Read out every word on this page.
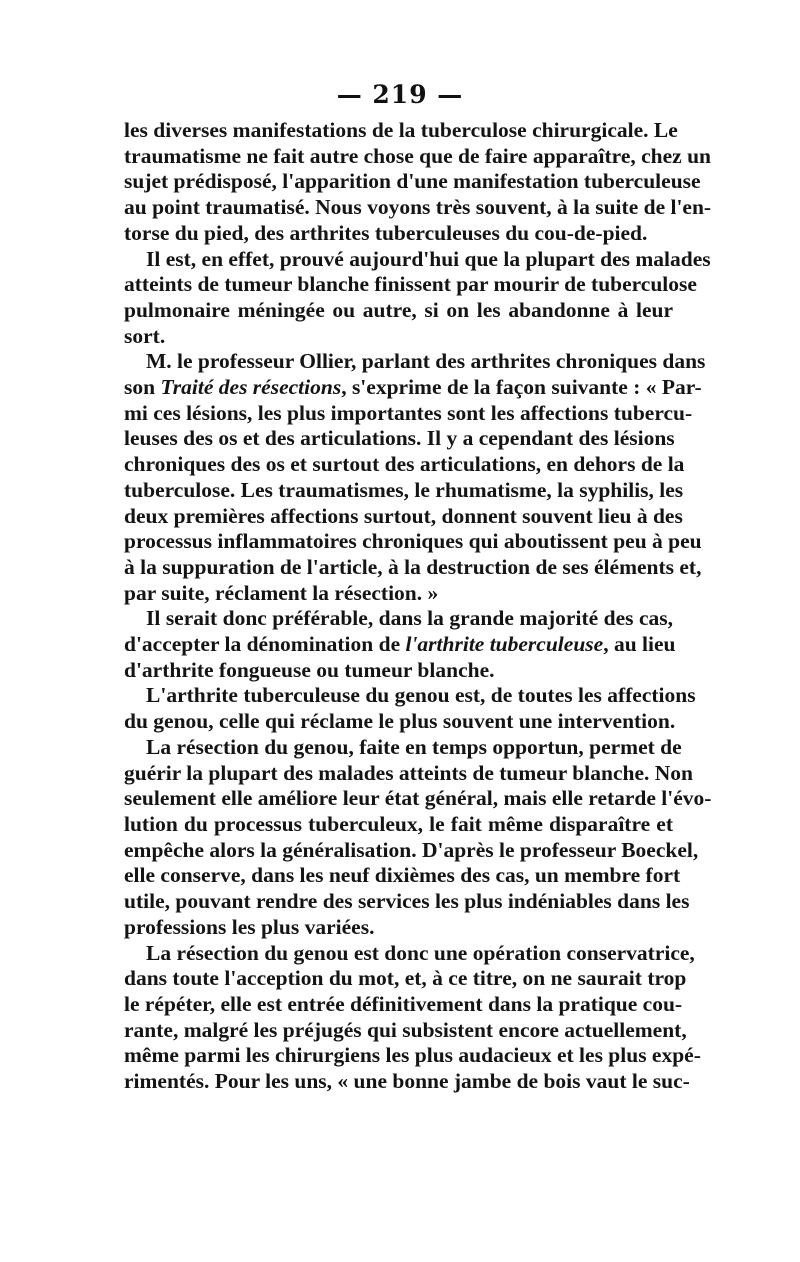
— 219 —
les diverses manifestations de la tuberculose chirurgicale. Le
traumatisme ne fait autre chose que de faire apparaître, chez un
sujet prédisposé, l'apparition d'une manifestation tuberculeuse
au point traumatisé. Nous voyons très souvent, à la suite de l'en-
torse du pied, des arthrites tuberculeuses du cou-de-pied.
Il est, en effet, prouvé aujourd'hui que la plupart des malades
atteints de tumeur blanche finissent par mourir de tuberculose
pulmonaire méningée ou autre, si on les abandonne à leur
sort.
M. le professeur Ollier, parlant des arthrites chroniques dans
son Traité des résections, s'exprime de la façon suivante : « Par-
mi ces lésions, les plus importantes sont les affections tubercu-
leuses des os et des articulations. Il y a cependant des lésions
chroniques des os et surtout des articulations, en dehors de la
tuberculose. Les traumatismes, le rhumatisme, la syphilis, les
deux premières affections surtout, donnent souvent lieu à des
processus inflammatoires chroniques qui aboutissent peu à peu
à la suppuration de l'article, à la destruction de ses éléments et,
par suite, réclament la résection. »
Il serait donc préférable, dans la grande majorité des cas,
d'accepter la dénomination de l'arthrite tuberculeuse, au lieu
d'arthrite fongueuse ou tumeur blanche.
L'arthrite tuberculeuse du genou est, de toutes les affections
du genou, celle qui réclame le plus souvent une intervention.
La résection du genou, faite en temps opportun, permet de
guérir la plupart des malades atteints de tumeur blanche. Non
seulement elle améliore leur état général, mais elle retarde l'évo-
lution du processus tuberculeux, le fait même disparaître et
empêche alors la généralisation. D'après le professeur Boeckel,
elle conserve, dans les neuf dixièmes des cas, un membre fort
utile, pouvant rendre des services les plus indéniables dans les
professions les plus variées.
La résection du genou est donc une opération conservatrice,
dans toute l'acception du mot, et, à ce titre, on ne saurait trop
le répéter, elle est entrée définitivement dans la pratique cou-
rante, malgré les préjugés qui subsistent encore actuellement,
même parmi les chirurgiens les plus audacieux et les plus expé-
rimentés. Pour les uns, « une bonne jambe de bois vaut le suc-
